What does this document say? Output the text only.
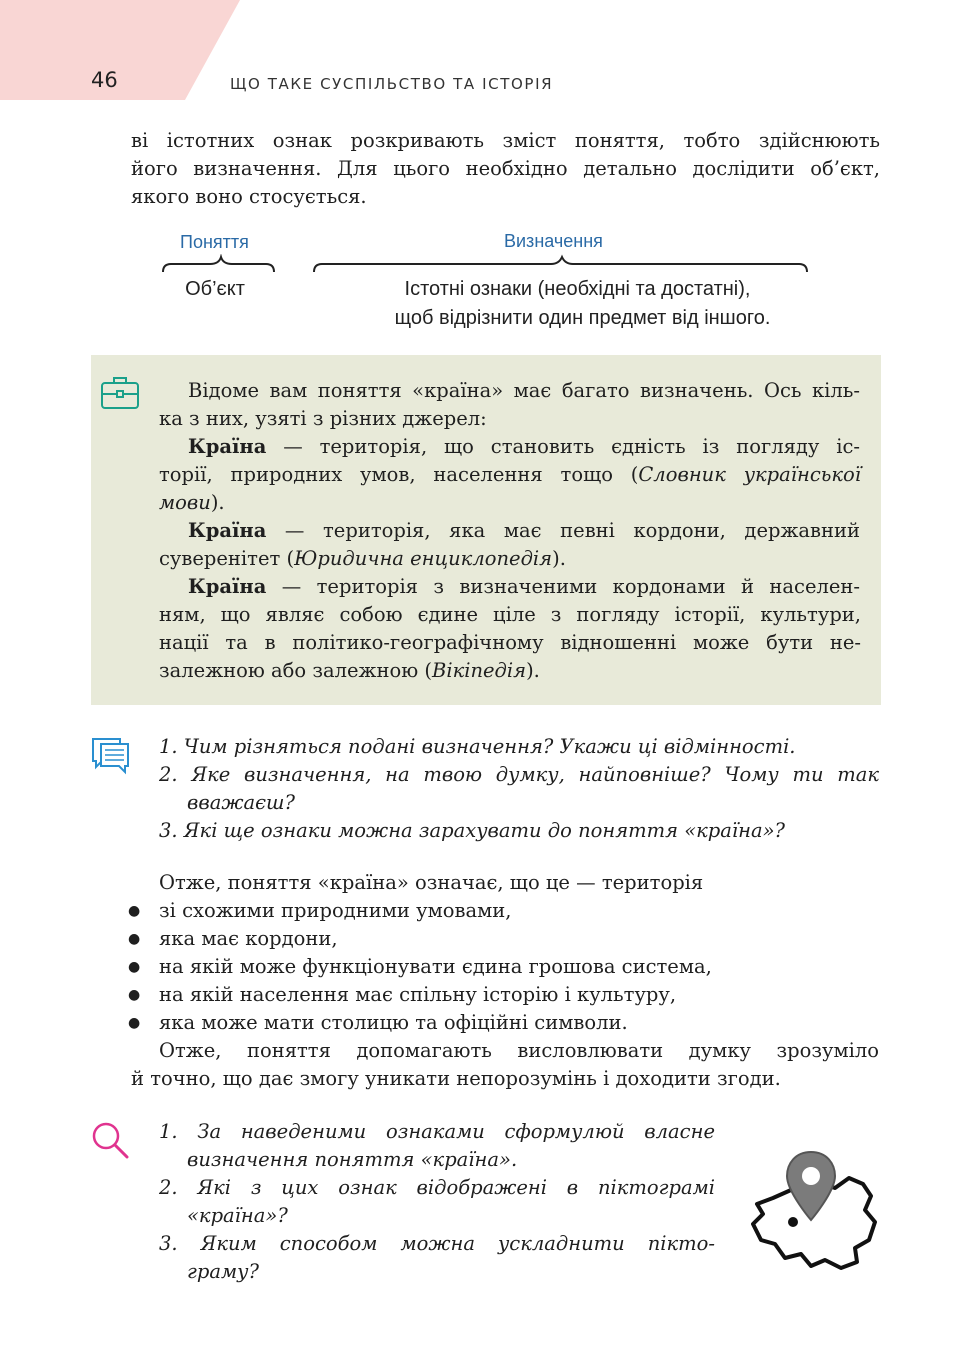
46	ЩО ТАКЕ СУСПІЛЬСТВО ТА ІСТОРІЯ

ві істотних ознак розкривають зміст поняття, тобто здійснюють

його визначення. Для цього необхідно детально дослідити об’єкт,

якого воно стосується.

Поняття	Визначення
Об’єкт	Істотні ознаки (необхідні та достатні),
щоб відрізнити один предмет від іншого.

Відоме вам поняття «країна» має багато визначень. Ось кіль-

ка з них, узяті з різних джерел:

Країна — територія, що становить єдність із погляду іс-

торії, природних умов, населення тощо (Словник української

мови).

Країна — територія, яка має певні кордони, державний

суверенітет (Юридична енциклопедія).

Країна — територія з визначеними кордонами й населен-

ням, що являє собою єдине ціле з погляду історії, культури,

нації та в політико-географічному відношенні може бути не-

залежною або залежною (Вікіпедія).

1. Чим різняться подані визначення? Укажи ці відмінності.

2. Яке визначення, на твою думку, найповніше? Чому ти так

вважаєш?

3. Які ще ознаки можна зарахувати до поняття «країна»?

Отже, поняття «країна» означає, що це — територія

● зі схожими природними умовами,

● яка має кордони,

● на якій може функціонувати єдина грошова система,

● на якій населення має спільну історію і культуру,

● яка може мати столицю та офіційні символи.

Отже, поняття допомагають висловлювати думку зрозуміло

й точно, що дає змогу уникати непорозумінь і доходити згоди.

1. За наведеними ознаками сформулюй власне

визначення поняття «країна».

2. Які з цих ознак відображені в піктограмі

«країна»?

3. Яким способом можна ускладнити пікто-

граму?
